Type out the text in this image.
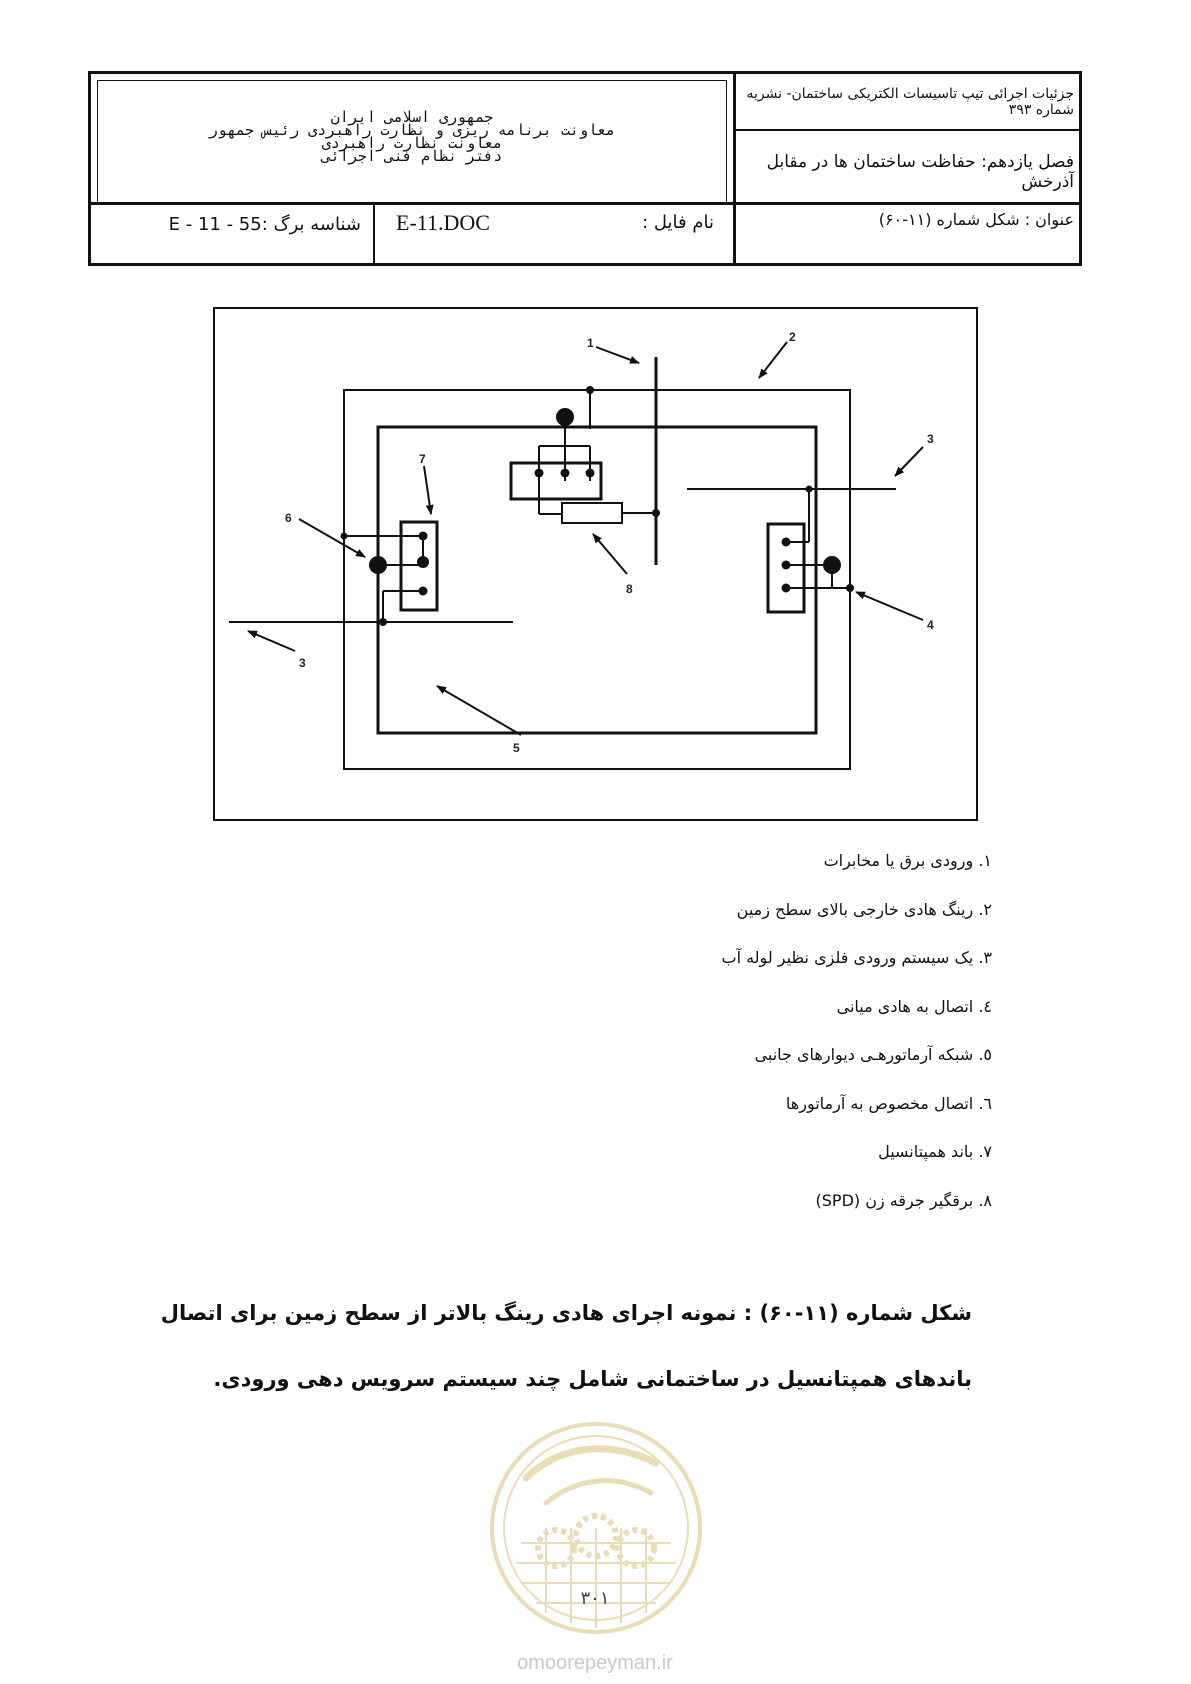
جمهوری اسلامی ایران
معاونت برنامه ریزی و نظارت راهبردی رئیس جمهور
معاونت نظارت راهبردی
دفتر نظام فنی اجرائی
جزئیات اجرائی تیپ تاسیسات الکتریکی ساختمان- نشریه شماره ۳۹۳
فصل یازدهم: حفاظت ساختمان ها در مقابل آذرخش
عنوان : شکل شماره (۱۱-۶۰)
نام فایل :
E-11.DOC
شناسه برگ :55 - 11 - E
1	2
3
3
4
5
6
7
8
۱. ورودی برق یا مخابرات
۲. رینگ هادی خارجی بالای سطح زمین
۳. یک سیستم ورودی فلزی نظیر لوله آب
٤. اتصال به هادی میانی
٥. شبکه آرماتورهـی دیوارهای جانبی
٦. اتصال مخصوص به آرماتورها
۷. باند همپتانسیل
۸. برقگیر جرقه زن (SPD)
شکل شماره (۱۱-۶۰) : نمونه اجرای هادی رینگ بالاتر از سطح زمین برای اتصال
باندهای همپتانسیل در ساختمانی شامل چند سیستم سرویس دهی ورودی.
۳۰۱
omoorepeyman.ir
